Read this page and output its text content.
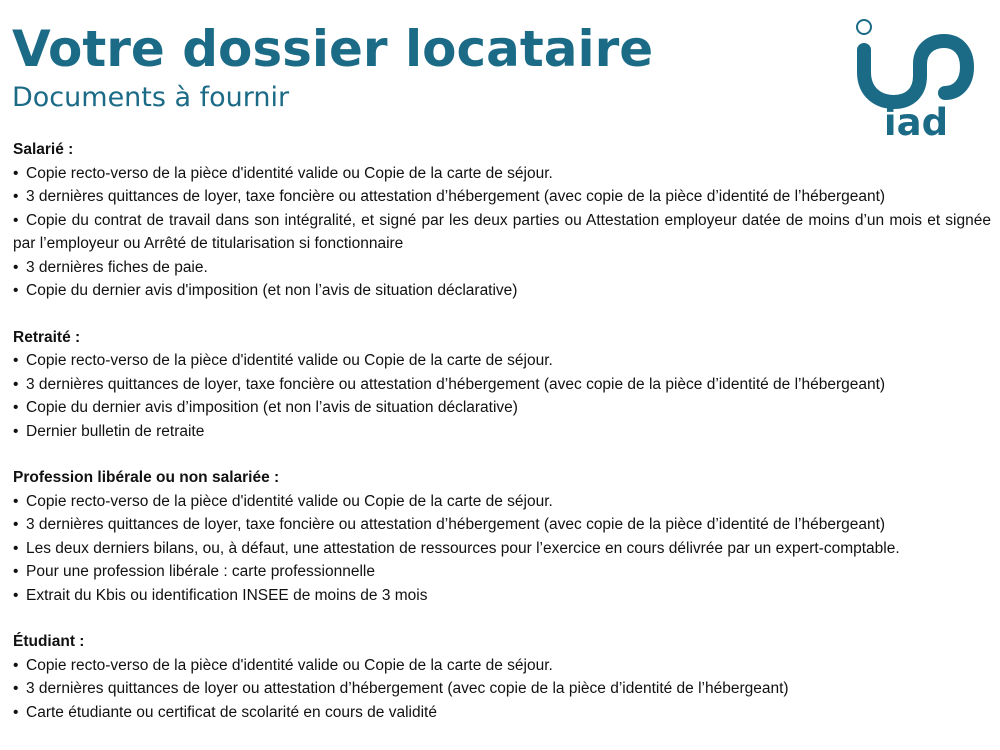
Votre dossier locataire
Documents à fournir
iad
Salarié :
• Copie recto-verso de la pièce d'identité valide ou Copie de la carte de séjour.
• 3 dernières quittances de loyer, taxe foncière ou attestation d’hébergement (avec copie de la pièce d’identité de l’hébergeant)
• Copie du contrat de travail dans son intégralité, et signé par les deux parties ou Attestation employeur datée de moins d’un mois et signée par l’employeur ou Arrêté de titularisation si fonctionnaire
• 3 dernières fiches de paie.
• Copie du dernier avis d'imposition (et non l’avis de situation déclarative)
Retraité :
• Copie recto-verso de la pièce d'identité valide ou Copie de la carte de séjour.
• 3 dernières quittances de loyer, taxe foncière ou attestation d’hébergement (avec copie de la pièce d’identité de l’hébergeant)
• Copie du dernier avis d’imposition (et non l’avis de situation déclarative)
• Dernier bulletin de retraite
Profession libérale ou non salariée :
• Copie recto-verso de la pièce d'identité valide ou Copie de la carte de séjour.
• 3 dernières quittances de loyer, taxe foncière ou attestation d’hébergement (avec copie de la pièce d’identité de l’hébergeant)
• Les deux derniers bilans, ou, à défaut, une attestation de ressources pour l’exercice en cours délivrée par un expert-comptable.
• Pour une profession libérale : carte professionnelle
• Extrait du Kbis ou identification INSEE de moins de 3 mois
Étudiant :
• Copie recto-verso de la pièce d'identité valide ou Copie de la carte de séjour.
• 3 dernières quittances de loyer ou attestation d’hébergement (avec copie de la pièce d’identité de l’hébergeant)
• Carte étudiante ou certificat de scolarité en cours de validité
